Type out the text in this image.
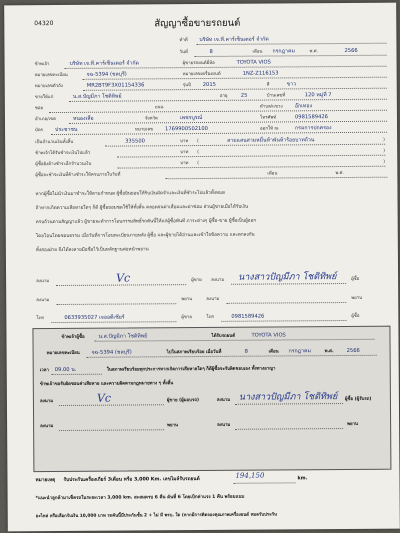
04320	สัญญาซื้อขายรถยนต์
ทำที่ บริษัท เจ.ที.คาร์เซ็นเตอร์ จำกัด
วันที่	8	เดือน กรกฎาคม	พ.ศ.	2566
ข้าพเจ้า	บริษัท เจ.ที.คาร์เซ็นเตอร์ จำกัด	ผู้ขายรถยนต์ยี่ห้อ	TOYOTA VIOS
หมายเลขทะเบียน	จฉ-5394 (ชลบุรี)	หมายเลขเครื่องยนต์	1NZ-Z116153
หมายเลขตัวถัง	MR2BT9F3X01154336	รุ่นปี 2015	สี	ขาว
ขายให้แก่	น.ส.ปัญมีภา โชติทิพย์	อายุ	25	บ้านเลขที่	120 หมู่ที่ 7
ซอย	ถนน	ตำบล/แขวง อ๊กเทอง
อำเภอ/เขต	หนองเสือ	จังหวัด	เพชรบูรณ์	โทรศัพท์	0981589426
บัตร ประชาชน	หมายเลข 1769900502100	ออกให้ ณ	กรมการปกครอง
เป็นจำนวนเงินทั้งสิ้น	335500	บาท (	สามแสนสามหมื่นห้าพันห้าร้อยบาทถ้วน	)
ข้าพเจ้าได้รับชำระเงินไปแล้ว	บาท (	)
ผู้ซื้อยังค้างชำระอีกจำนวนเงิน	บาท (	)
ผู้ซื้อจะชำระเงินที่ค้างชำระให้ครบภายในวันที่	เดือน	พ.ศ.
หากผู้ซื้อไม่นำเงินมาชำระให้ตามกำหนด ผู้ซื้อยินยอมให้ริบเงินมัดจำและเงินที่ชำระไปแล้วทั้งหมด
ถ้าหากเกิดความเสียหายใดๆ ก็ดี ผู้ซื้อยอมชดใช้ให้ทั้งสิ้น ตลอดจนค่าเสื่อมและค่าซ่อม ส่วนผู้ขายเมื่อได้รับเงิน
ครบถ้วนตามสัญญาแล้ว ผู้ขายจะทำการโอนกรรมสิทธิ์รถคันนี้ให้แก่ผู้ซื้อทันที ภาระต่างๆ ผู้ซื้อ-ขาย ผู้ซื้อเป็นผู้ออก
โดยโอนโดยชอบธรรม เมื่อวันที่การโอนทะเบียนภายหลัง ผู้ซื้อ และผู้ขายได้อ่านและเข้าใจข้อความ และตกลงกัน
ทั้งสองฝ่าย จึงได้ลงลายมือชื่อไว้เป็นหลักฐานต่อหน้าพยาน
ลงนาม	Vc	ผู้ขาย ลงนาม นางสาวปัญมีภา โชติทิพย์	ผู้ซื้อ
ลงนาม	พยาน	ลงนาม	พยาน
โทร	0633935027 เจออดีเซียร์	ผู้ขาย	โทร	0981589426	ผู้ซื้อ
ข้าพเจ้าผู้ซื้อ	น.ส.ปัญมีภา โชติทิพย์	ได้รับรถยนต์	TOYOTA VIOS
หมายเลขทะเบียน จฉ-5394 (ชลบุรี)	ไปในสภาพเรียบร้อย เมื่อวันที่	8	เดือน กรกฎาคม	พ.ศ. 2566
เวลา 09.00 น.	ในสภาพเรียบร้อยทุกประการหากเกิดการเสียหายใดๆ ก็ดีผู้ซื้อจะรับผิดชอบเอง ทั้งทางอาญา
ข้าพเจ้าขอรับผิดชอบค่าเสียหาย และความผิดตามกฎหมายทาง ๆ ทั้งสิ้น
ลงนาม	Vc	ผู้ขาย (ผู้มอบรถ)	ลงนาม นางสาวปัญมีภา โชติทิพย์ ผู้ซื้อ (ผู้รับรถ)
ลงนาม	พยาน	ลงนาม	พยาน
หมายเหตุ รับประกันเครื่องเกียร์ 3เดือน หรือ 3,000 Km. เลขไมล์รับรถยนต์
194,150	km.
*แนะนำลูกค้ามาเช็ครถในระยะเวลา 3,000 km. สะสมครบ 6 คืน คันที่ 6 โดยเบิกค่าแรง 1 คืน พร้อมแนบ
อะไหล่ หรือเลือกรับเงิน 10,000 บาท รถคันนี้มีประกันชั้น 2 + ไม่ มี พรบ. ใด (หากมีการติดจองคุณภาพเครื่องยนต์ หมดรับประกัน
